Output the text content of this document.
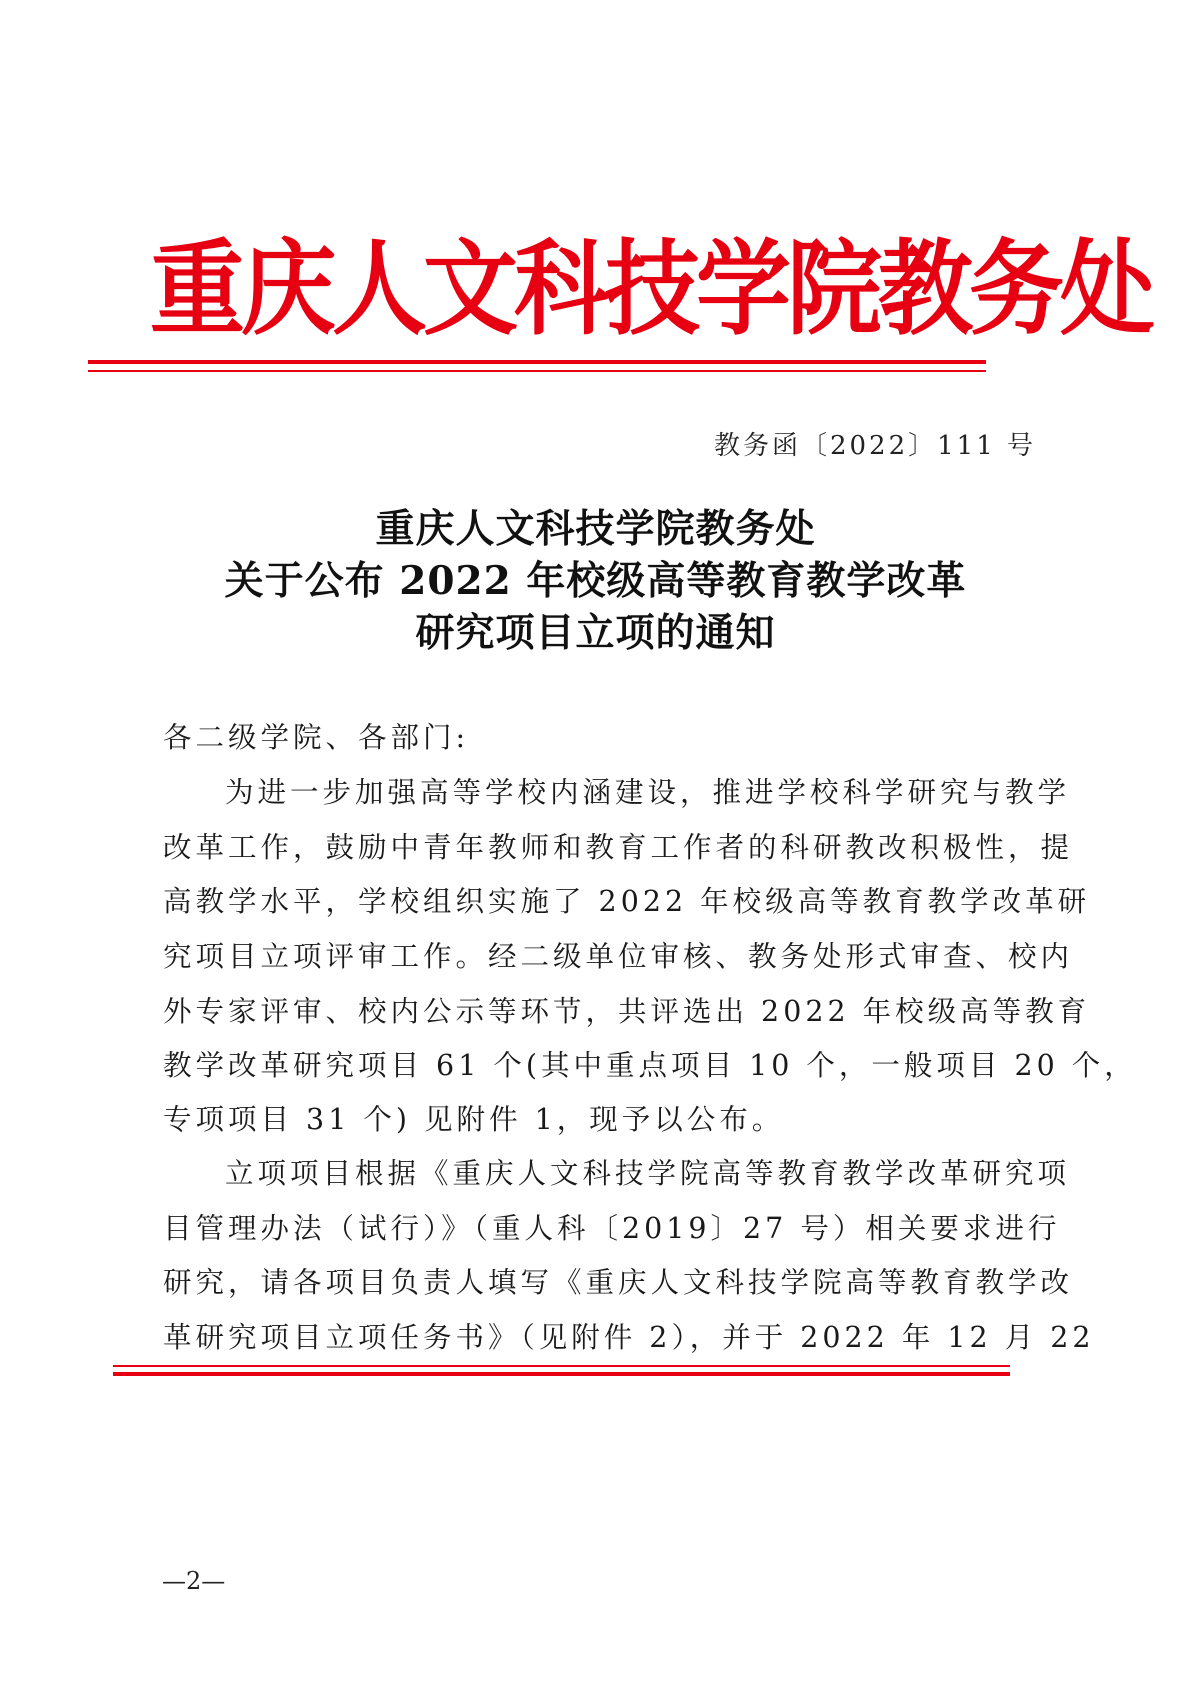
重庆人文科技学院教务处
教务函〔2022〕111 号
重庆人文科技学院教务处
关于公布 2022 年校级高等教育教学改革
研究项目立项的通知
各二级学院、各部门:
为进一步加强高等学校内涵建设，推进学校科学研究与教学
改革工作，鼓励中青年教师和教育工作者的科研教改积极性，提
高教学水平，学校组织实施了 2022 年校级高等教育教学改革研
究项目立项评审工作。经二级单位审核、教务处形式审查、校内
外专家评审、校内公示等环节，共评选出 2022 年校级高等教育
教学改革研究项目 61 个(其中重点项目 10 个，一般项目 20 个，
专项项目 31 个) 见附件 1，现予以公布。
立项项目根据《重庆人文科技学院高等教育教学改革研究项
目管理办法（试行）》（重人科〔2019〕27 号）相关要求进行
研究，请各项目负责人填写《重庆人文科技学院高等教育教学改
革研究项目立项任务书》（见附件 2），并于 2022 年 12 月 22
—2—
